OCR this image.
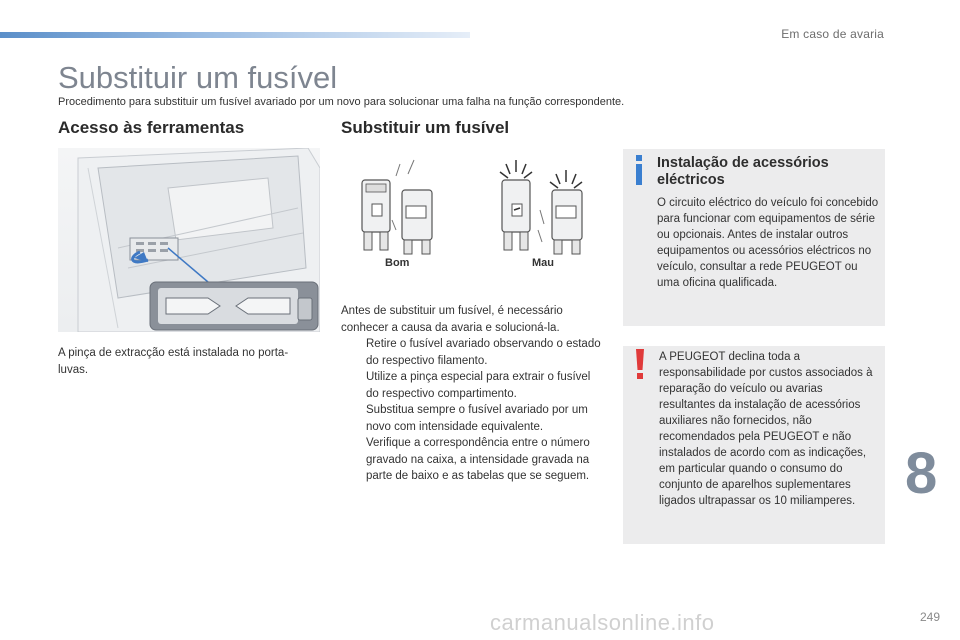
Em caso de avaria
Substituir um fusível
Procedimento para substituir um fusível avariado por um novo para solucionar uma falha na função correspondente.
Acesso às ferramentas	Substituir um fusível
A pinça de extracção está instalada no porta-luvas.
Bom	Mau

Antes de substituir um fusível, é necessário conhecer a causa da avaria e solucioná-la.

Retire o fusível avariado observando o estado do respectivo filamento.
Utilize a pinça especial para extrair o fusível do respectivo compartimento.
Substitua sempre o fusível avariado por um novo com intensidade equivalente.
Verifique a correspondência entre o número gravado na caixa, a intensidade gravada na parte de baixo e as tabelas que se seguem.
Instalação de acessórios eléctricos
O circuito eléctrico do veículo foi concebido para funcionar com equipamentos de série ou opcionais. Antes de instalar outros equipamentos ou acessórios eléctricos no veículo, consultar a rede PEUGEOT ou uma oficina qualificada.
A PEUGEOT declina toda a responsabilidade por custos associados à reparação do veículo ou avarias resultantes da instalação de acessórios auxiliares não fornecidos, não recomendados pela PEUGEOT e não instalados de acordo com as indicações, em particular quando o consumo do conjunto de aparelhos suplementares ligados ultrapassar os 10 miliamperes. 8
carmanualsonline.info	249
